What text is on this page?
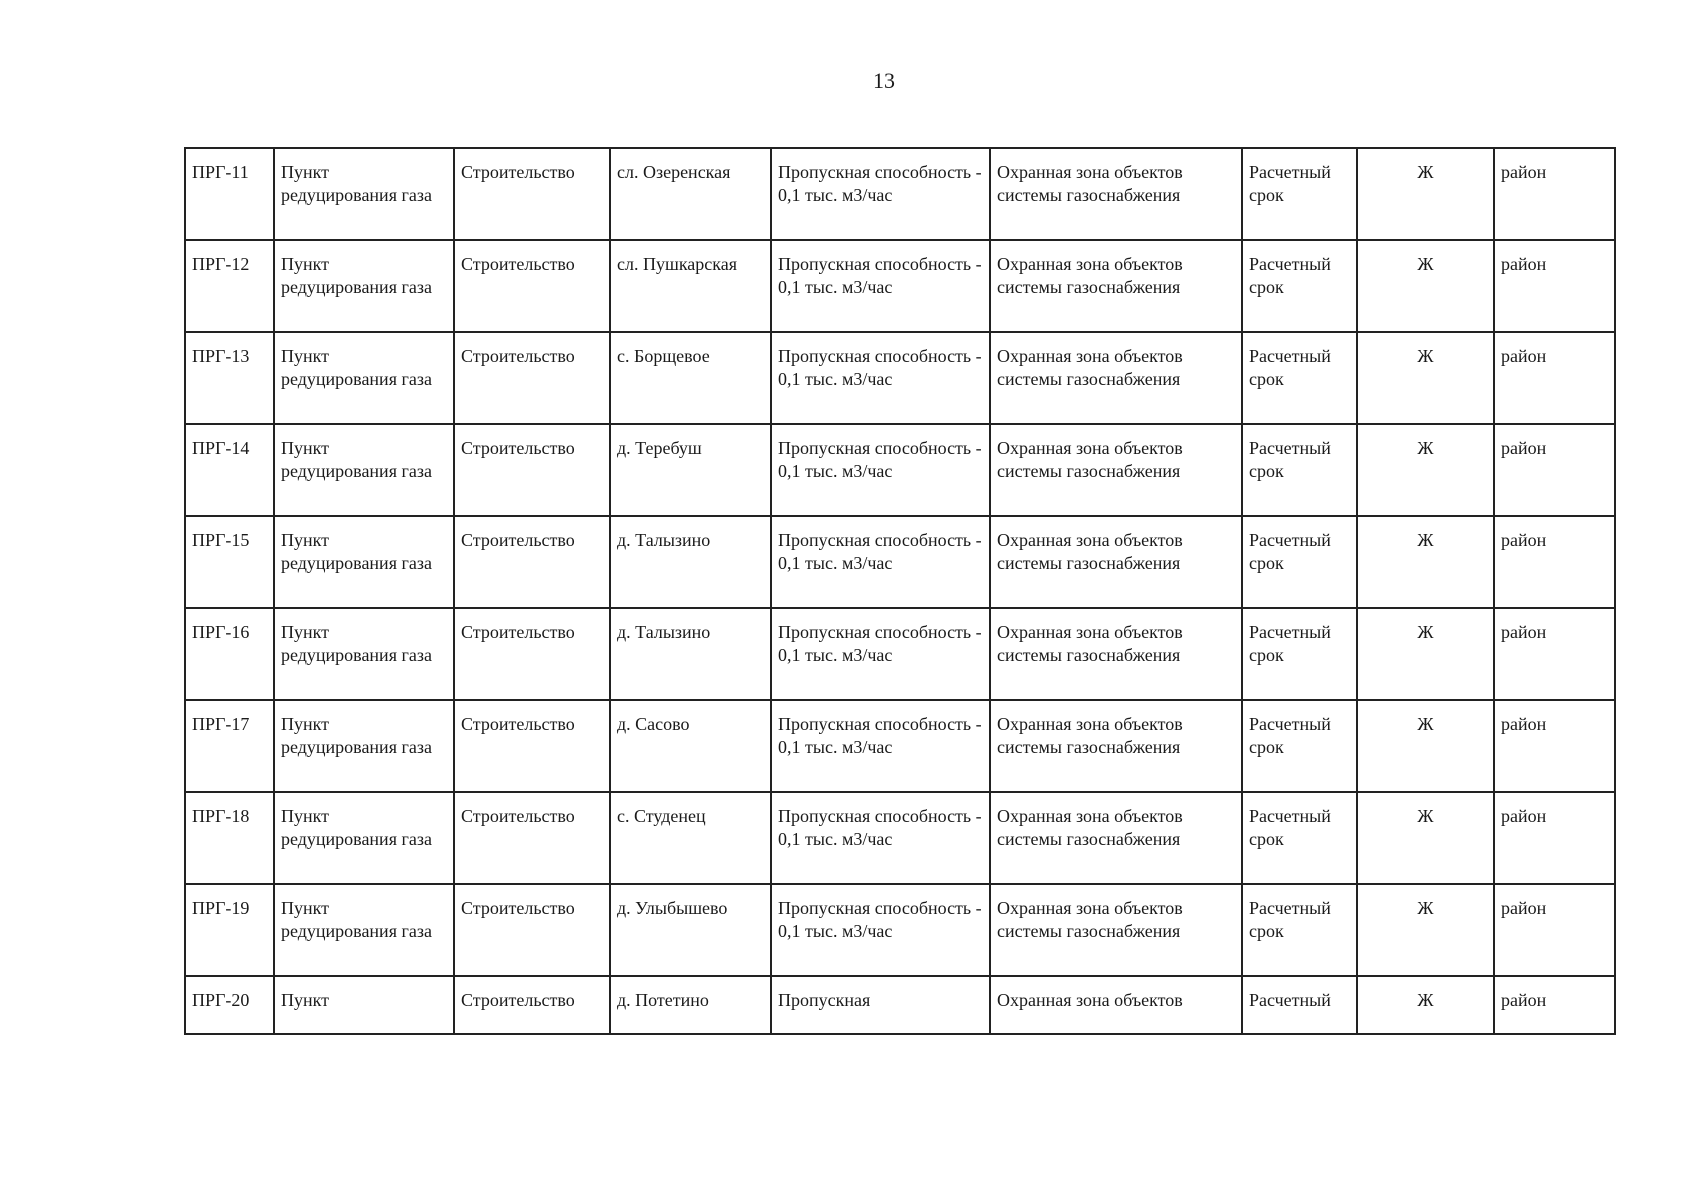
13
ПРГ-11	Пункт редуцирования газа	Строительство	сл. Озеренская	Пропускная способность - 0,1 тыс. м3/час	Охранная зона объектов системы газоснабжения	Расчетный срок	Ж	район
ПРГ-12	Пункт редуцирования газа	Строительство	сл. Пушкарская	Пропускная способность - 0,1 тыс. м3/час	Охранная зона объектов системы газоснабжения	Расчетный срок	Ж	район
ПРГ-13	Пункт редуцирования газа	Строительство	с. Борщевое	Пропускная способность - 0,1 тыс. м3/час	Охранная зона объектов системы газоснабжения	Расчетный срок	Ж	район
ПРГ-14	Пункт редуцирования газа	Строительство	д. Теребуш	Пропускная способность - 0,1 тыс. м3/час	Охранная зона объектов системы газоснабжения	Расчетный срок	Ж	район
ПРГ-15	Пункт редуцирования газа	Строительство	д. Талызино	Пропускная способность - 0,1 тыс. м3/час	Охранная зона объектов системы газоснабжения	Расчетный срок	Ж	район
ПРГ-16	Пункт редуцирования газа	Строительство	д. Талызино	Пропускная способность - 0,1 тыс. м3/час	Охранная зона объектов системы газоснабжения	Расчетный срок	Ж	район
ПРГ-17	Пункт редуцирования газа	Строительство	д. Сасово	Пропускная способность - 0,1 тыс. м3/час	Охранная зона объектов системы газоснабжения	Расчетный срок	Ж	район
ПРГ-18	Пункт редуцирования газа	Строительство	с. Студенец	Пропускная способность - 0,1 тыс. м3/час	Охранная зона объектов системы газоснабжения	Расчетный срок	Ж	район
ПРГ-19	Пункт редуцирования газа	Строительство	д. Улыбышево	Пропускная способность - 0,1 тыс. м3/час	Охранная зона объектов системы газоснабжения	Расчетный срок	Ж	район
ПРГ-20	Пункт	Строительство	д. Потетино	Пропускная	Охранная зона объектов	Расчетный	Ж	район
